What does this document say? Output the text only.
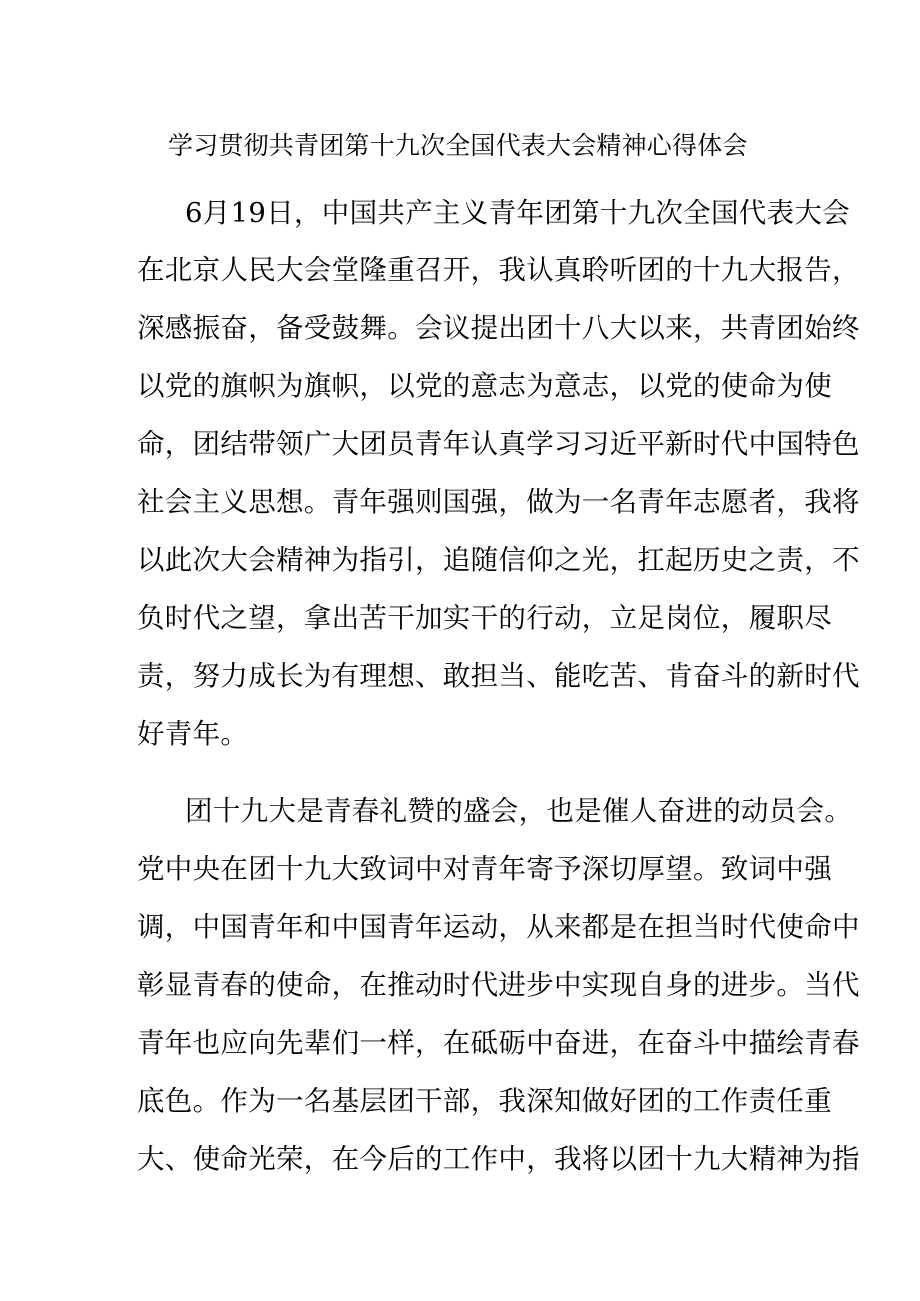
学习贯彻共青团第十九次全国代表大会精神心得体会
6月19日，中国共产主义青年团第十九次全国代表大会
在北京人民大会堂隆重召开，我认真聆听团的十九大报告，
深感振奋，备受鼓舞。会议提出团十八大以来，共青团始终
以党的旗帜为旗帜，以党的意志为意志，以党的使命为使
命，团结带领广大团员青年认真学习习近平新时代中国特色
社会主义思想。青年强则国强，做为一名青年志愿者，我将
以此次大会精神为指引，追随信仰之光，扛起历史之责，不
负时代之望，拿出苦干加实干的行动，立足岗位，履职尽
责，努力成长为有理想、敢担当、能吃苦、肯奋斗的新时代
好青年。
团十九大是青春礼赞的盛会，也是催人奋进的动员会。
党中央在团十九大致词中对青年寄予深切厚望。致词中强
调，中国青年和中国青年运动，从来都是在担当时代使命中
彰显青春的使命，在推动时代进步中实现自身的进步。当代
青年也应向先辈们一样，在砥砺中奋进，在奋斗中描绘青春
底色。作为一名基层团干部，我深知做好团的工作责任重
大、使命光荣，在今后的工作中，我将以团十九大精神为指
